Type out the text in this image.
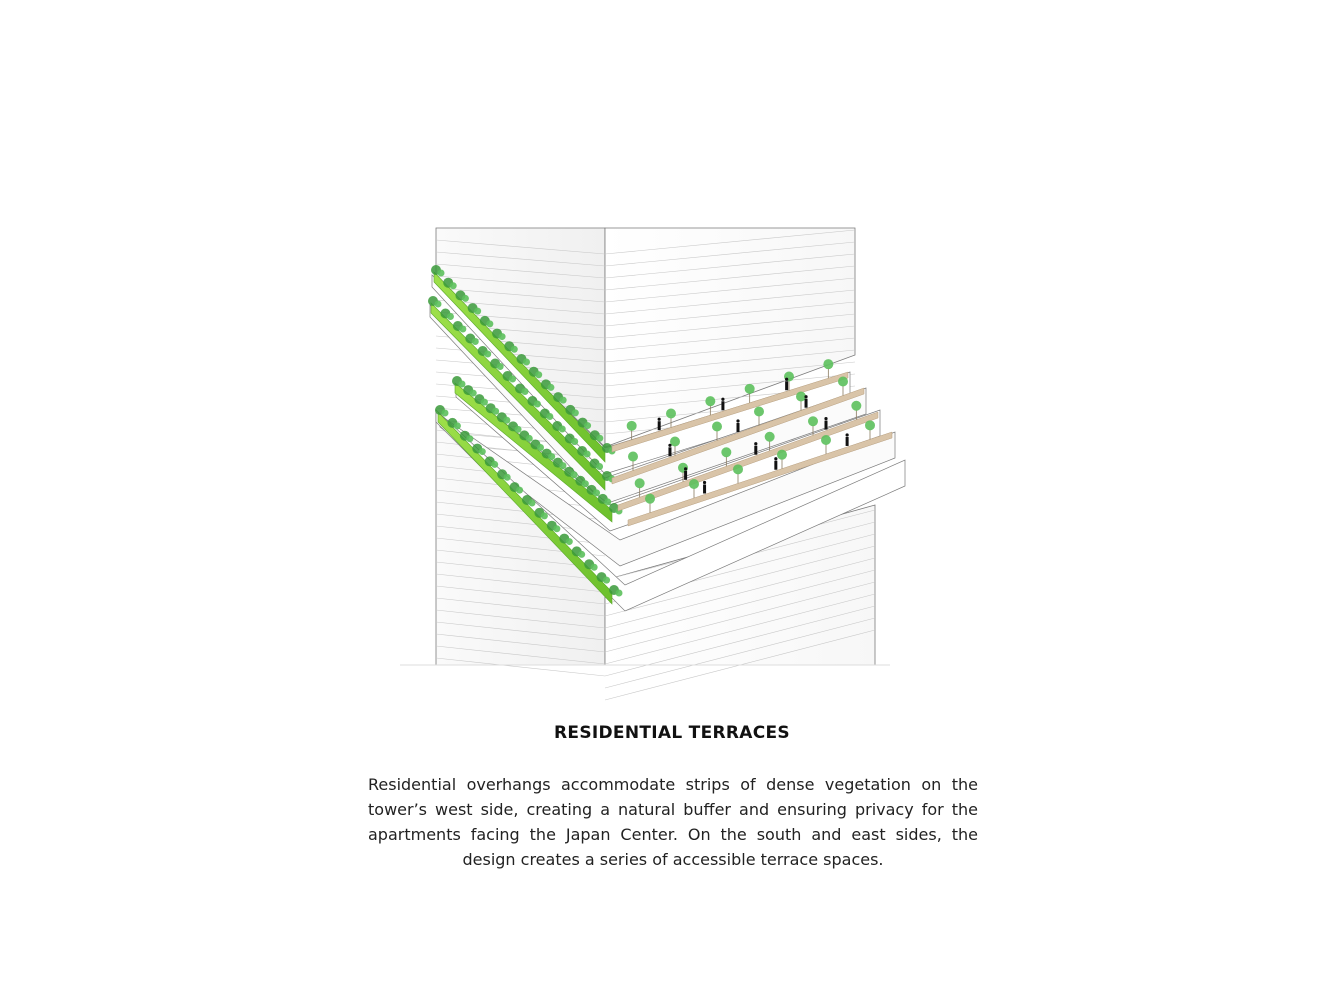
RESIDENTIAL TERRACES

Residential overhangs accommodate strips of dense vegetation on the tower’s west side, creating a natural buffer and ensuring privacy for the apartments facing the Japan Center. On the south and east sides, the design creates a series of accessible terrace spaces.
